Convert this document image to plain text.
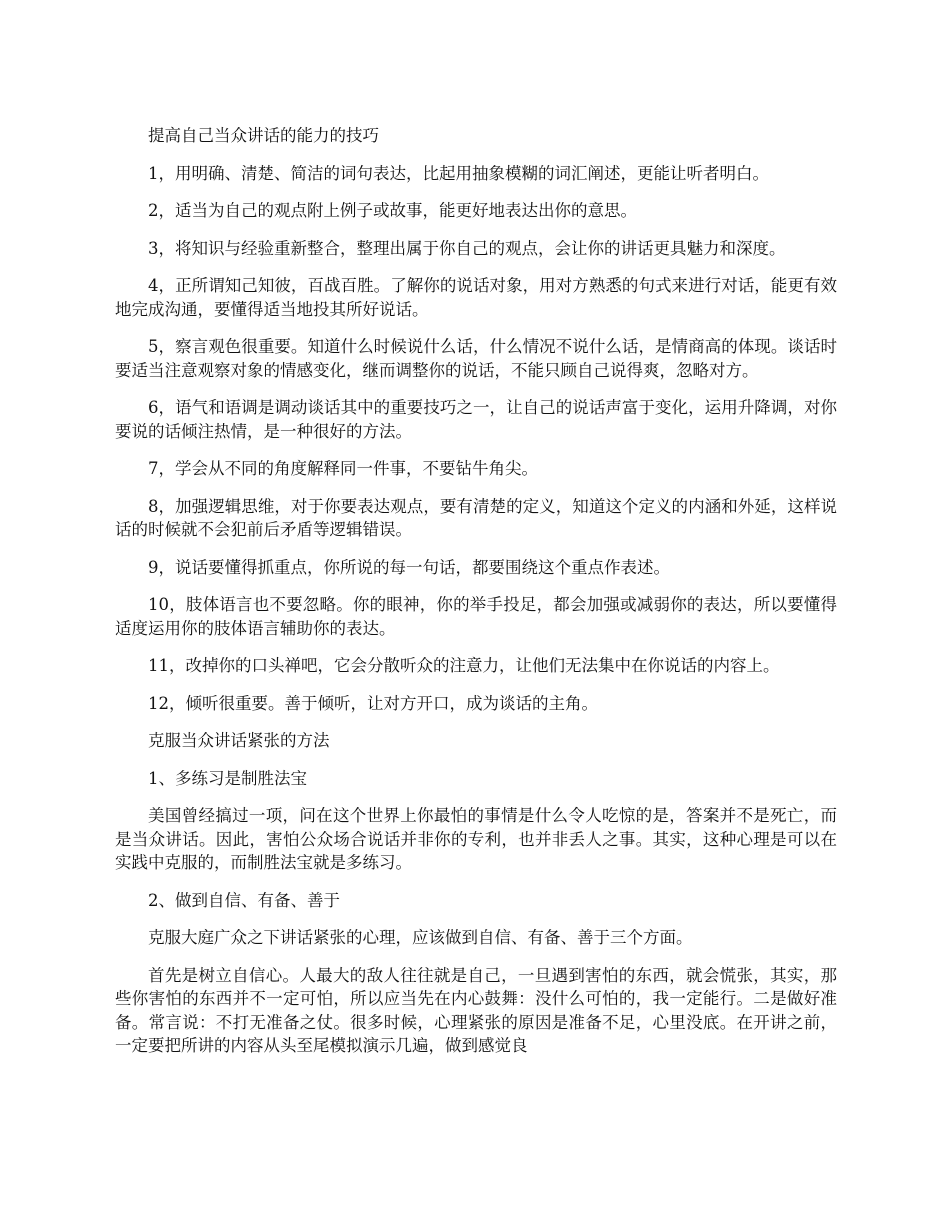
提高自己当众讲话的能力的技巧

1，用明确、清楚、简洁的词句表达，比起用抽象模糊的词汇阐述，更能让听者明白。

2，适当为自己的观点附上例子或故事，能更好地表达出你的意思。

3，将知识与经验重新整合，整理出属于你自己的观点，会让你的讲话更具魅力和深度。

4，正所谓知己知彼，百战百胜。了解你的说话对象，用对方熟悉的句式来进行对话，能更有效地完成沟通，要懂得适当地投其所好说话。

5，察言观色很重要。知道什么时候说什么话，什么情况不说什么话，是情商高的体现。谈话时要适当注意观察对象的情感变化，继而调整你的说话，不能只顾自己说得爽，忽略对方。

6，语气和语调是调动谈话其中的重要技巧之一，让自己的说话声富于变化，运用升降调，对你要说的话倾注热情，是一种很好的方法。

7，学会从不同的角度解释同一件事，不要钻牛角尖。

8，加强逻辑思维，对于你要表达观点，要有清楚的定义，知道这个定义的内涵和外延，这样说话的时候就不会犯前后矛盾等逻辑错误。

9，说话要懂得抓重点，你所说的每一句话，都要围绕这个重点作表述。

10，肢体语言也不要忽略。你的眼神，你的举手投足，都会加强或减弱你的表达，所以要懂得适度运用你的肢体语言辅助你的表达。

11，改掉你的口头禅吧，它会分散听众的注意力，让他们无法集中在你说话的内容上。

12，倾听很重要。善于倾听，让对方开口，成为谈话的主角。

克服当众讲话紧张的方法

1、多练习是制胜法宝

美国曾经搞过一项，问在这个世界上你最怕的事情是什么令人吃惊的是，答案并不是死亡，而是当众讲话。因此，害怕公众场合说话并非你的专利，也并非丢人之事。其实，这种心理是可以在实践中克服的，而制胜法宝就是多练习。

2、做到自信、有备、善于

克服大庭广众之下讲话紧张的心理，应该做到自信、有备、善于三个方面。

首先是树立自信心。人最大的敌人往往就是自己，一旦遇到害怕的东西，就会慌张，其实，那些你害怕的东西并不一定可怕，所以应当先在内心鼓舞：没什么可怕的，我一定能行。二是做好准备。常言说：不打无准备之仗。很多时候，心理紧张的原因是准备不足，心里没底。在开讲之前，一定要把所讲的内容从头至尾模拟演示几遍，做到感觉良
